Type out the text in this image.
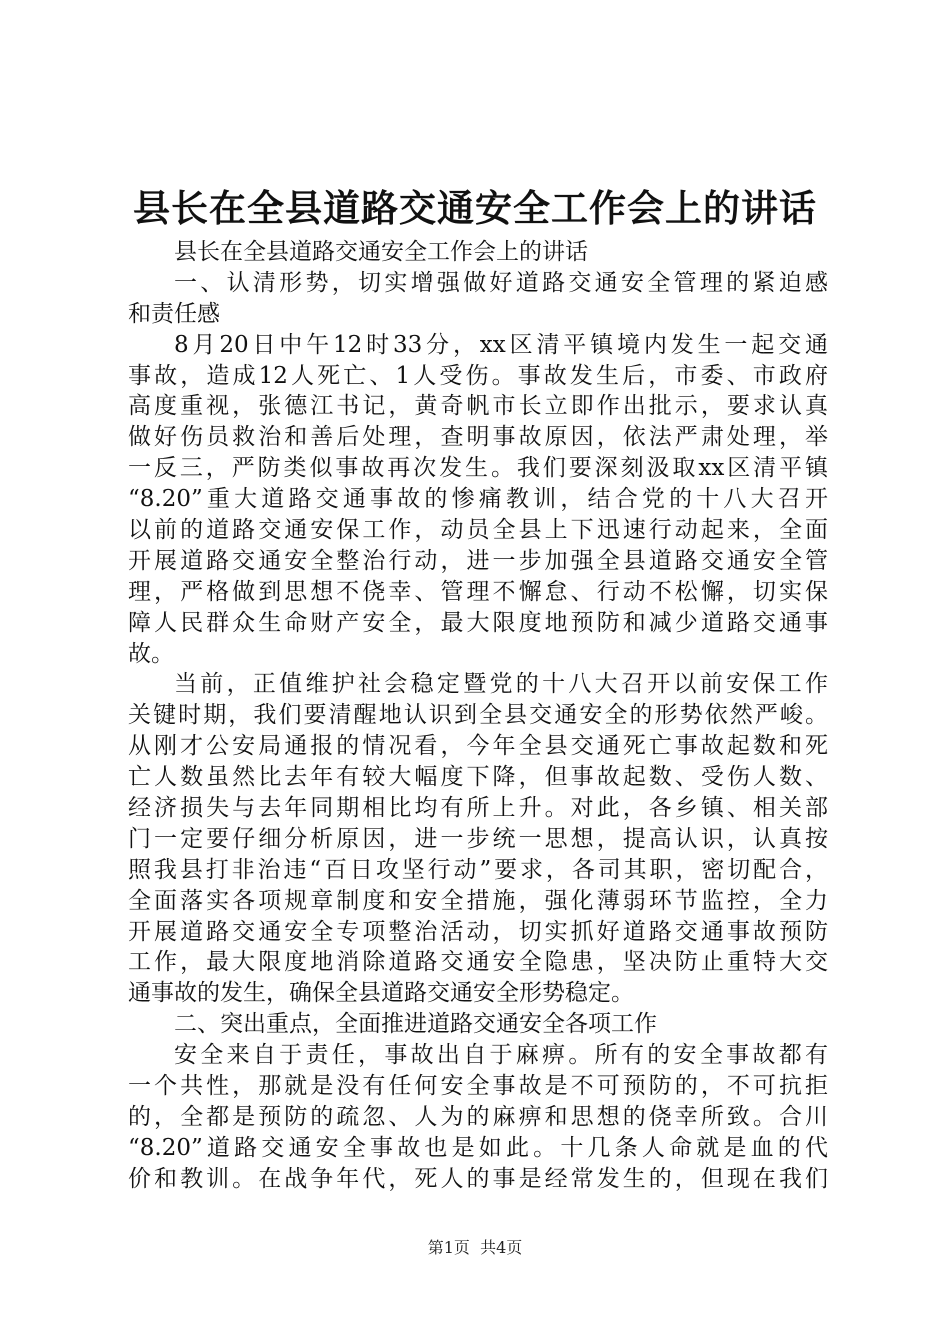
县长在全县道路交通安全工作会上的讲话
县长在全县道路交通安全工作会上的讲话
一、认清形势，切实增强做好道路交通安全管理的紧迫感
和责任感
8月20日中午12时33分，xx区清平镇境内发生一起交通
事故，造成12人死亡、1人受伤。事故发生后，市委、市政府
高度重视，张德江书记，黄奇帆市长立即作出批示，要求认真
做好伤员救治和善后处理，查明事故原因，依法严肃处理，举
一反三，严防类似事故再次发生。我们要深刻汲取xx区清平镇
“8.20”重大道路交通事故的惨痛教训，结合党的十八大召开
以前的道路交通安保工作，动员全县上下迅速行动起来，全面
开展道路交通安全整治行动，进一步加强全县道路交通安全管
理，严格做到思想不侥幸、管理不懈怠、行动不松懈，切实保
障人民群众生命财产安全，最大限度地预防和减少道路交通事
故。
当前，正值维护社会稳定暨党的十八大召开以前安保工作
关键时期，我们要清醒地认识到全县交通安全的形势依然严峻。
从刚才公安局通报的情况看，今年全县交通死亡事故起数和死
亡人数虽然比去年有较大幅度下降，但事故起数、受伤人数、
经济损失与去年同期相比均有所上升。对此，各乡镇、相关部
门一定要仔细分析原因，进一步统一思想，提高认识，认真按
照我县打非治违“百日攻坚行动”要求，各司其职，密切配合，
全面落实各项规章制度和安全措施，强化薄弱环节监控，全力
开展道路交通安全专项整治活动，切实抓好道路交通事故预防
工作，最大限度地消除道路交通安全隐患，坚决防止重特大交
通事故的发生，确保全县道路交通安全形势稳定。
二、突出重点，全面推进道路交通安全各项工作
安全来自于责任，事故出自于麻痹。所有的安全事故都有
一个共性，那就是没有任何安全事故是不可预防的，不可抗拒
的，全都是预防的疏忽、人为的麻痹和思想的侥幸所致。合川
“8.20”道路交通安全事故也是如此。十几条人命就是血的代
价和教训。在战争年代，死人的事是经常发生的，但现在我们
第1页  共4页
